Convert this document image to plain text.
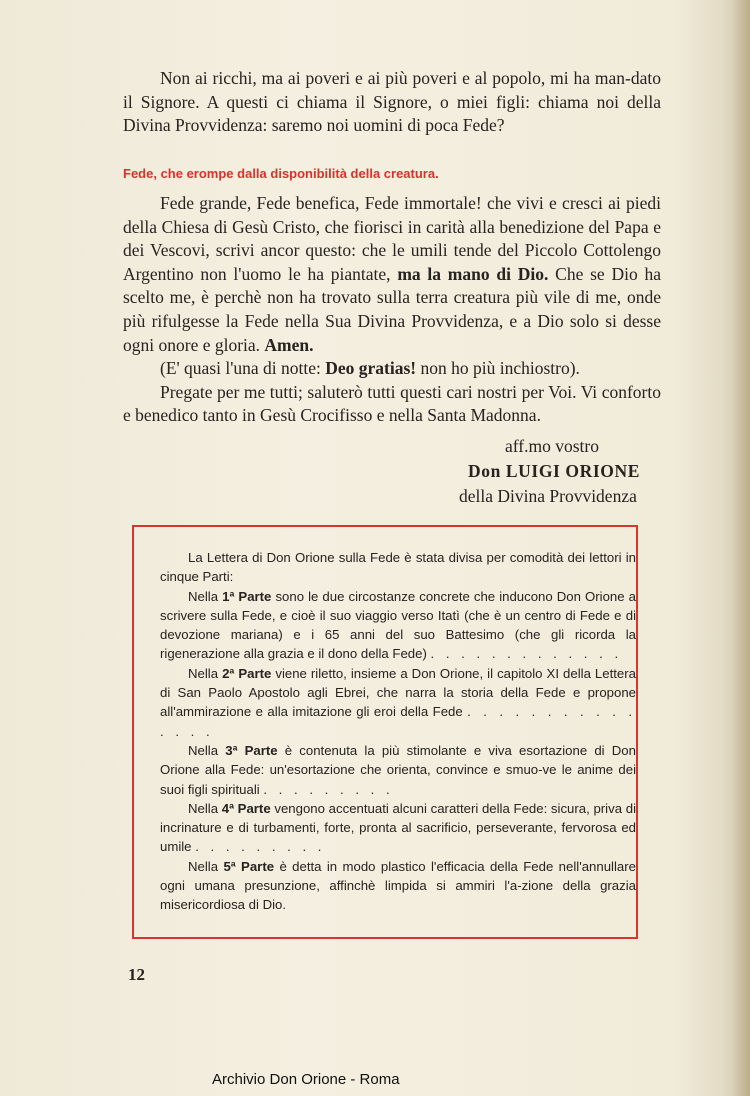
Non ai ricchi, ma ai poveri e ai più poveri e al popolo, mi ha man-dato il Signore. A questi ci chiama il Signore, o miei figli: chiama noi della Divina Provvidenza: saremo noi uomini di poca Fede?

Fede, che erompe dalla disponibilità della creatura.

Fede grande, Fede benefica, Fede immortale! che vivi e cresci ai piedi della Chiesa di Gesù Cristo, che fiorisci in carità alla benedizione del Papa e dei Vescovi, scrivi ancor questo: che le umili tende del Piccolo Cottolengo Argentino non l'uomo le ha piantate, ma la mano di Dio. Che se Dio ha scelto me, è perchè non ha trovato sulla terra creatura più vile di me, onde più rifulgesse la Fede nella Sua Divina Provvidenza, e a Dio solo si desse ogni onore e gloria. Amen.

(E' quasi l'una di notte: Deo gratias! non ho più inchiostro).

Pregate per me tutti; saluterò tutti questi cari nostri per Voi. Vi conforto e benedico tanto in Gesù Crocifisso e nella Santa Madonna.

aff.mo vostro
Don LUIGI ORIONE
della Divina Provvidenza

La Lettera di Don Orione sulla Fede è stata divisa per comodità dei lettori in cinque Parti:

Nella 1ª Parte sono le due circostanze concrete che inducono Don Orione a scrivere sulla Fede, e cioè il suo viaggio verso Itatì (che è un centro di Fede e di devozione mariana) e i 65 anni del suo Battesimo (che gli ricorda la rigenerazione alla grazia e il dono della Fede) . . . . . . . . . . . . .

Nella 2ª Parte viene riletto, insieme a Don Orione, il capitolo XI della Lettera di San Paolo Apostolo agli Ebrei, che narra la storia della Fede e propone all'ammirazione e alla imitazione gli eroi della Fede . . . . . . . . . . . . . . .

Nella 3ª Parte è contenuta la più stimolante e viva esortazione di Don Orione alla Fede: un'esortazione che orienta, convince e smuo-ve le anime dei suoi figli spirituali . . . . . . . . .

Nella 4ª Parte vengono accentuati alcuni caratteri della Fede: sicura, priva di incrinature e di turbamenti, forte, pronta al sacrificio, perseverante, fervorosa ed umile . . . . . . . . .

Nella 5ª Parte è detta in modo plastico l'efficacia della Fede nell'annullare ogni umana presunzione, affinchè limpida si ammiri l'a-zione della grazia misericordiosa di Dio.

12
Archivio Don Orione - Roma
